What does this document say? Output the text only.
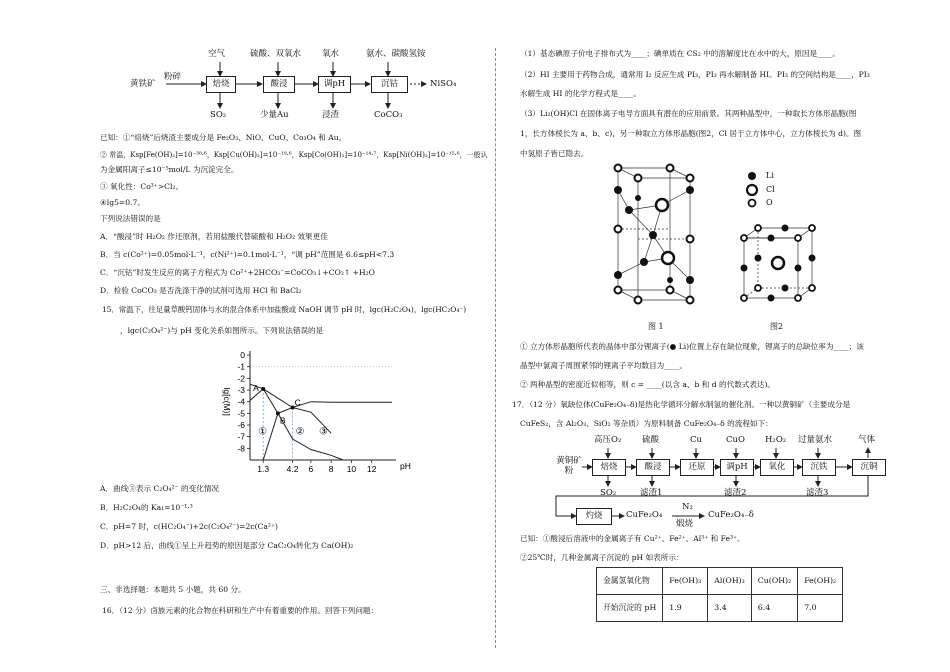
空气	硫酸、双氧水 氧水	氨水、碳酸氢铵
粉碎
黄铁矿	焙烧	酸浸	调pH	沉钴	NiSO₄
SO₂	少量Au	浸渣	CoCO₃
已知：①“焙烧”后烧渣主要成分是 Fe₂O₃、NiO、CuO、Co₃O₄ 和 Au。
② 常温，Ksp[Fe(OH)₃]=10⁻³⁸·⁶，Ksp[Cu(OH)₂]=10⁻¹⁹·⁶，Ksp[Co(OH)₂]=10⁻¹⁴·⁷，Ksp[Ni(OH)₂]=10⁻¹⁵·⁶，一般认
为金属阳离子≤10⁻⁵mol/L 为沉淀完全。
③ 氧化性：Co³⁺>Cl₂。
④lg5=0.7。
下列说法错误的是
A．“酸浸”时 H₂O₂ 作还原剂，若用盐酸代替硫酸和 H₂O₂ 效果更佳
B．当 c(Co²⁺)=0.05mol·L⁻¹，c(Ni²⁺)=0.1mol·L⁻¹，“调 pH”范围是 6.6≤pH<7.3
C．“沉钴”时发生反应的离子方程式为 Co²⁺+2HCO₃⁻=CoCO₃↓+CO₂↑ +H₂O
D．检验 CoCO₃ 是否洗涤干净的试剂可选用 HCl 和 BaCl₂
15．常温下，往足量草酸钙固体与水的混合体系中加盐酸或 NaOH 调节 pH 时，lgc(H₂C₂O₄)，lgc(HC₂O₄⁻)
，lgc(C₂O₄²⁻)与 pH 变化关系如图所示。下列说法错误的是
0
-1
-2
-3
-4
-5
-6
-7
-8
1.3 4.2 6 8 10 12	pH
lg[c(M)]
①	② ③
A
B
C
A．曲线③表示 C₂O₄²⁻ 的变化情况
B．H₂C₂O₄的 Ka₁=10⁻¹·³
C．pH=7 时，c(HC₂O₄⁻)+2c(C₂O₄²⁻)=2c(Ca²⁺)
D．pH>12 后，曲线①呈上升趋势的原因是部分 CaC₂O₄转化为 Ca(OH)₂
三、非选择题：本题共 5 小题，共 60 分。
16．（12 分）卤族元素的化合物在科研和生产中有着重要的作用。回答下列问题：
（1）基态碘原子价电子排布式为____；碘单质在 CS₂ 中的溶解度比在水中的大，原因是____。
（2）HI 主要用于药物合成，通常用 I₂ 反应生成 PI₃，PI₃ 再水解制备 HI。PI₃ 的空间结构是____，PI₃
水解生成 HI 的化学方程式是____。
（3）Li₂(OH)Cl 在固体离子电导方面具有潜在的应用前景。其两种晶型中，一种取长方体形晶胞(图
1，长方体棱长为 a、b、c)，另一种取立方体形晶胞(图2，Cl 居于立方体中心，立方体棱长为 d)。图
中氢原子皆已隐去。
Li
Cl
O
图 1	图2
① 立方体形晶胞所代表的晶体中部分锂离子(● Li)位置上存在缺位现象，锂离子的总缺位率为____；该
晶型中氯离子周围紧邻的锂离子平均数目为____。
② 两种晶型的密度近似相等，则 c = ____(以含 a、b 和 d 的代数式表达)。
17．（12 分）氧缺位体(CuFe₂O₄₋δ)是热化学循环分解水制氢的催化剂。一种以黄铜矿（主要成分是
CuFeS₂，含 Al₂O₃、SiO₂ 等杂质）为原料制备 CuFe₂O₄₋δ 的流程如下：
高压O₂ 硫酸	Cu	CuO H₂O₂ 过量氨水	气体
黄铜矿粉	焙烧	酸浸	还原	调pH	氧化	沉铁	沉铜
SO₂	滤渣1	滤渣2	滤渣3
灼烧	CuFe₂O₄
N₂
煅烧
CuFe₂O₄₋δ
已知：①酸浸后溶液中的金属离子有 Cu²⁺、Fe²⁺、Al³⁺ 和 Fe³⁺。
②25℃时，几种金属离子沉淀的 pH 如表所示：
金属氢氧化物	Fe(OH)₃	Al(OH)₃	Cu(OH)₂	Fe(OH)₂
开始沉淀的 pH	1.9	3.4	6.4	7.0
